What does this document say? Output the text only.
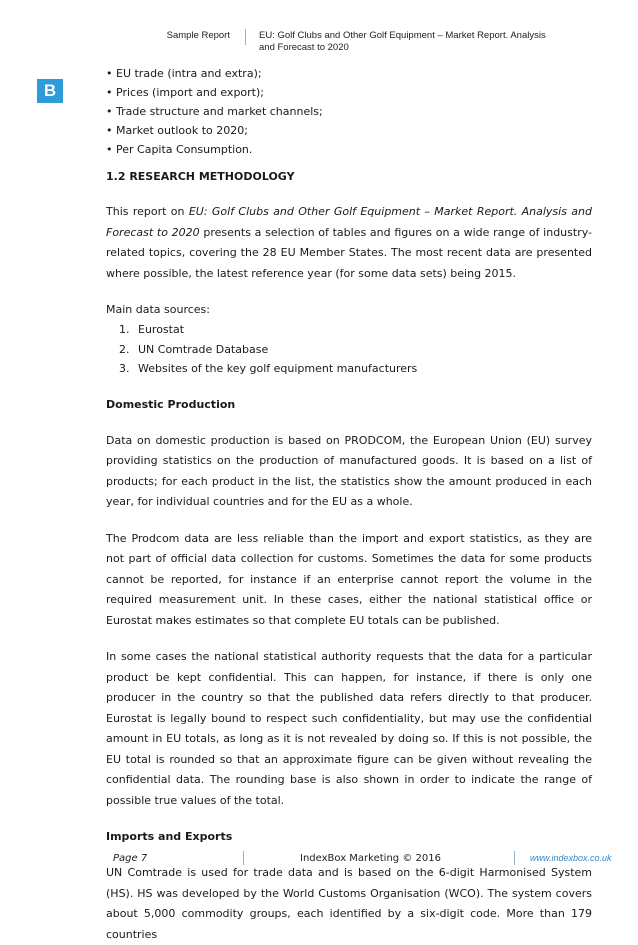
Sample Report	EU: Golf Clubs and Other Golf Equipment – Market Report. Analysis
and Forecast to 2020
B
• EU trade (intra and extra);
• Prices (import and export);
• Trade structure and market channels;
• Market outlook to 2020;
• Per Capita Consumption.
1.2 RESEARCH METHODOLOGY

This report on EU: Golf Clubs and Other Golf Equipment – Market Report. Analysis and Forecast to 2020 presents a selection of tables and figures on a wide range of industry-related topics, covering the 28 EU Member States. The most recent data are presented where possible, the latest reference year (for some data sets) being 2015.

Main data sources:
1. Eurostat
2. UN Comtrade Database
3. Websites of the key golf equipment manufacturers
Domestic Production

Data on domestic production is based on PRODCOM, the European Union (EU) survey providing statistics on the production of manufactured goods. It is based on a list of products; for each product in the list, the statistics show the amount produced in each year, for individual countries and for the EU as a whole.

The Prodcom data are less reliable than the import and export statistics, as they are not part of official data collection for customs. Sometimes the data for some products cannot be reported, for instance if an enterprise cannot report the volume in the required measurement unit. In these cases, either the national statistical office or Eurostat makes estimates so that complete EU totals can be published.

In some cases the national statistical authority requests that the data for a particular product be kept confidential. This can happen, for instance, if there is only one producer in the country so that the published data refers directly to that producer. Eurostat is legally bound to respect such confidentiality, but may use the confidential amount in EU totals, as long as it is not revealed by doing so. If this is not possible, the EU total is rounded so that an approximate figure can be given without revealing the confidential data. The rounding base is also shown in order to indicate the range of possible true values of the total.

Imports and Exports

UN Comtrade is used for trade data and is based on the 6-digit Harmonised System (HS). HS was developed by the World Customs Organisation (WCO). The system covers about 5,000 commodity groups, each identified by a six-digit code. More than 179 countries

Page 7	IndexBox Marketing © 2016	www.indexbox.co.uk
